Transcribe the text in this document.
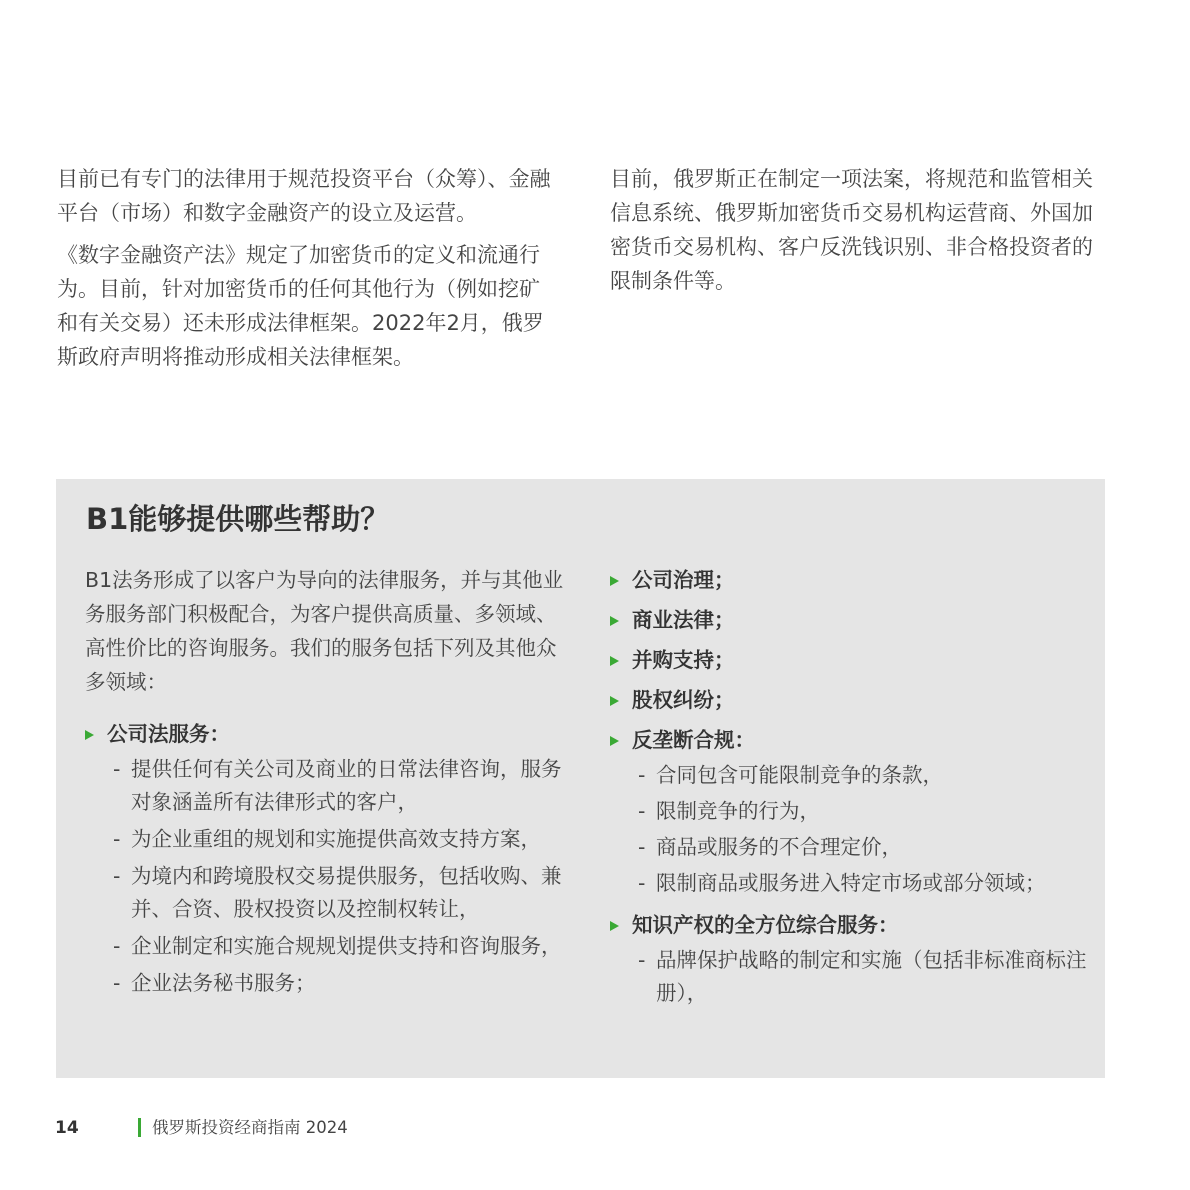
目前已有专门的法律用于规范投资平台（众筹）、金融平台（市场）和数字金融资产的设立及运营。

《数字金融资产法》规定了加密货币的定义和流通行为。目前，针对加密货币的任何其他行为（例如挖矿和有关交易）还未形成法律框架。2022年2月，俄罗斯政府声明将推动形成相关法律框架。

目前，俄罗斯正在制定一项法案，将规范和监管相关信息系统、俄罗斯加密货币交易机构运营商、外国加密货币交易机构、客户反洗钱识别、非合格投资者的限制条件等。

B1能够提供哪些帮助？

B1法务形成了以客户为导向的法律服务，并与其他业务服务部门积极配合，为客户提供高质量、多领域、高性价比的咨询服务。我们的服务包括下列及其他众多领域：

公司法服务：
- 提供任何有关公司及商业的日常法律咨询，服务对象涵盖所有法律形式的客户，
- 为企业重组的规划和实施提供高效支持方案，
- 为境内和跨境股权交易提供服务，包括收购、兼并、合资、股权投资以及控制权转让，
- 企业制定和实施合规规划提供支持和咨询服务，
- 企业法务秘书服务；
公司治理；
商业法律；
并购支持；
股权纠纷；
反垄断合规：
- 合同包含可能限制竞争的条款，
- 限制竞争的行为，
- 商品或服务的不合理定价，
- 限制商品或服务进入特定市场或部分领域；
知识产权的全方位综合服务：
- 品牌保护战略的制定和实施（包括非标准商标注册），
14	俄罗斯投资经商指南 2024
